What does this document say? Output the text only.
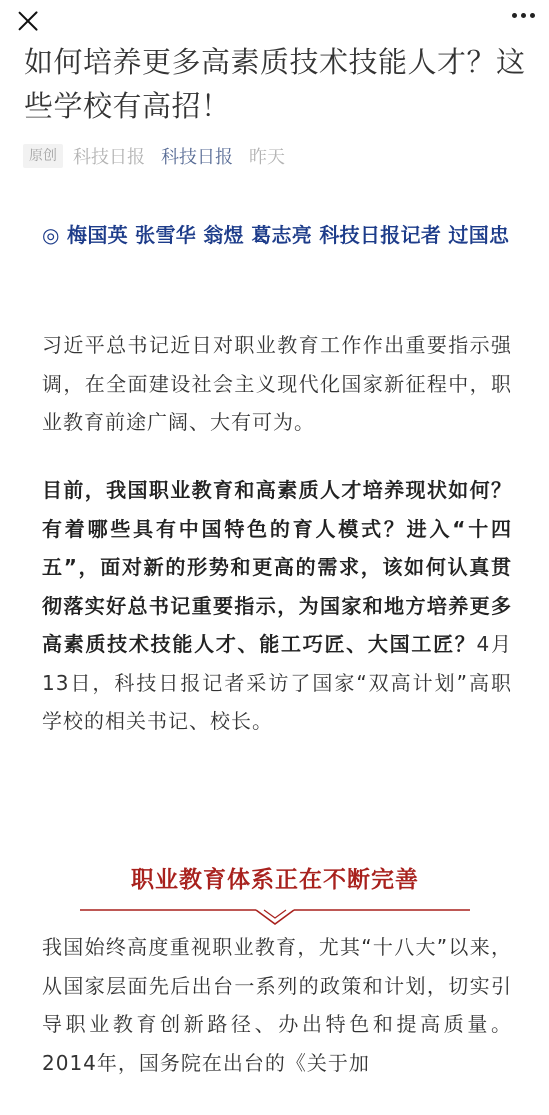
如何培养更多高素质技术技能人才？这些学校有高招！
原创 科技日报 科技日报 昨天
◎ 梅国英 张雪华 翁煜 葛志亮 科技日报记者 过国忠

习近平总书记近日对职业教育工作作出重要指示强调，在全面建设社会主义现代化国家新征程中，职业教育前途广阔、大有可为。

目前，我国职业教育和高素质人才培养现状如何？有着哪些具有中国特色的育人模式？进入“十四五”，面对新的形势和更高的需求，该如何认真贯彻落实好总书记重要指示，为国家和地方培养更多高素质技术技能人才、能工巧匠、大国工匠？4月13日，科技日报记者采访了国家“双高计划”高职学校的相关书记、校长。

职业教育体系正在不断完善

我国始终高度重视职业教育，尤其“十八大”以来，从国家层面先后出台一系列的政策和计划，切实引导职业教育创新路径、办出特色和提高质量。2014年，国务院在出台的《关于加
